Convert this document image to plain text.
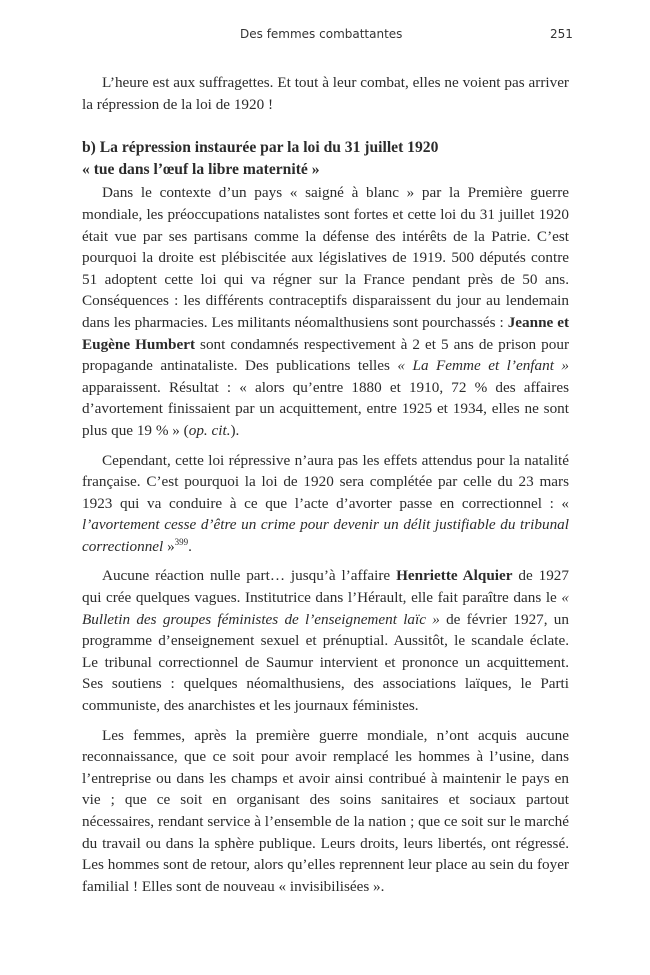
Des femmes combattantes	251

L’heure est aux suffragettes. Et tout à leur combat, elles ne voient pas arriver la répression de la loi de 1920 !

b) La répression instaurée par la loi du 31 juillet 1920
« tue dans l’œuf la libre maternité »

Dans le contexte d’un pays « saigné à blanc » par la Première guerre mondiale, les préoccupations natalistes sont fortes et cette loi du 31 juillet 1920 était vue par ses partisans comme la défense des intérêts de la Patrie. C’est pourquoi la droite est plébiscitée aux législatives de 1919. 500 députés contre 51 adoptent cette loi qui va régner sur la France pendant près de 50 ans. Conséquences : les différents contraceptifs disparaissent du jour au lendemain dans les pharmacies. Les militants néomalthusiens sont pourchassés : Jeanne et Eugène Humbert sont condamnés respectivement à 2 et 5 ans de prison pour propagande antinataliste. Des publications telles « La Femme et l’enfant » apparaissent. Résultat : « alors qu’entre 1880 et 1910, 72 % des affaires d’avortement finissaient par un acquittement, entre 1925 et 1934, elles ne sont plus que 19 % » (op. cit.).

Cependant, cette loi répressive n’aura pas les effets attendus pour la natalité française. C’est pourquoi la loi de 1920 sera complétée par celle du 23 mars 1923 qui va conduire à ce que l’acte d’avorter passe en correctionnel : « l’avortement cesse d’être un crime pour devenir un délit justifiable du tribunal correctionnel »$^{399}$.

Aucune réaction nulle part… jusqu’à l’affaire Henriette Alquier de 1927 qui crée quelques vagues. Institutrice dans l’Hérault, elle fait paraître dans le « Bulletin des groupes féministes de l’enseignement laïc » de février 1927, un programme d’enseignement sexuel et prénuptial. Aussitôt, le scandale éclate. Le tribunal correctionnel de Saumur intervient et prononce un acquittement. Ses soutiens : quelques néomalthusiens, des associations laïques, le Parti communiste, des anarchistes et les journaux féministes.

Les femmes, après la première guerre mondiale, n’ont acquis aucune reconnaissance, que ce soit pour avoir remplacé les hommes à l’usine, dans l’entreprise ou dans les champs et avoir ainsi contribué à maintenir le pays en vie ; que ce soit en organisant des soins sanitaires et sociaux partout nécessaires, rendant service à l’ensemble de la nation ; que ce soit sur le marché du travail ou dans la sphère publique. Leurs droits, leurs libertés, ont régressé. Les hommes sont de retour, alors qu’elles reprennent leur place au sein du foyer familial ! Elles sont de nouveau « invisibilisées ».
